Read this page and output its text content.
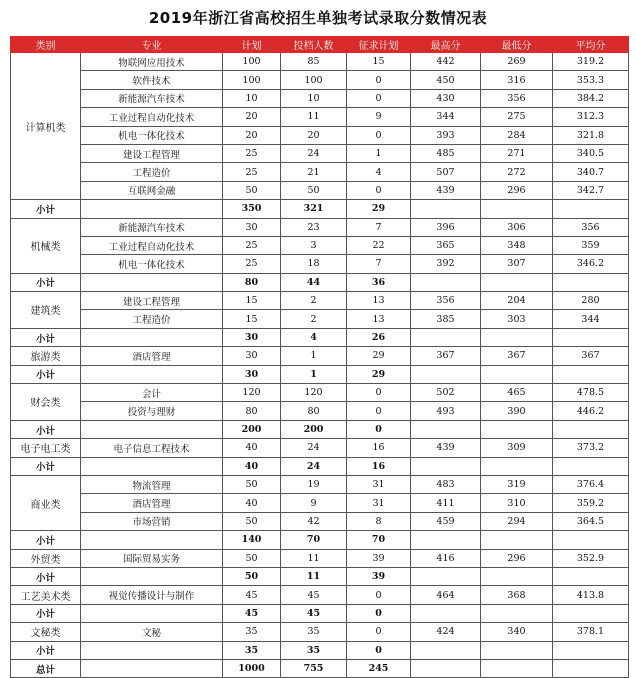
2019年浙江省高校招生单独考试录取分数情况表
类别	专业	计划	投档人数	征求计划	最高分	最低分	平均分
计算机类	物联网应用技术	100	85	15	442	269	319.2
	软件技术	100	100	0	450	316	353.3
	新能源汽车技术	10	10	0	430	356	384.2
	工业过程自动化技术	20	11	9	344	275	312.3
	机电一体化技术	20	20	0	393	284	321.8
	建设工程管理	25	24	1	485	271	340.5
	工程造价	25	21	4	507	272	340.7
	互联网金融	50	50	0	439	296	342.7
小计		350	321	29			
机械类	新能源汽车技术	30	23	7	396	306	356
	工业过程自动化技术	25	3	22	365	348	359
	机电一体化技术	25	18	7	392	307	346.2
小计		80	44	36			
建筑类	建设工程管理	15	2	13	356	204	280
	工程造价	15	2	13	385	303	344
小计		30	4	26			
旅游类	酒店管理	30	1	29	367	367	367
小计		30	1	29			
财会类	会计	120	120	0	502	465	478.5
	投资与理财	80	80	0	493	390	446.2
小计		200	200	0			
电子电工类	电子信息工程技术	40	24	16	439	309	373.2
小计		40	24	16			
商业类	物流管理	50	19	31	483	319	376.4
	酒店管理	40	9	31	411	310	359.2
	市场营销	50	42	8	459	294	364.5
小计		140	70	70			
外贸类	国际贸易实务	50	11	39	416	296	352.9
小计		50	11	39			
工艺美术类	视觉传播设计与制作	45	45	0	464	368	413.8
小计		45	45	0			
文秘类	文秘	35	35	0	424	340	378.1
小计		35	35	0			
总计		1000	755	245			
